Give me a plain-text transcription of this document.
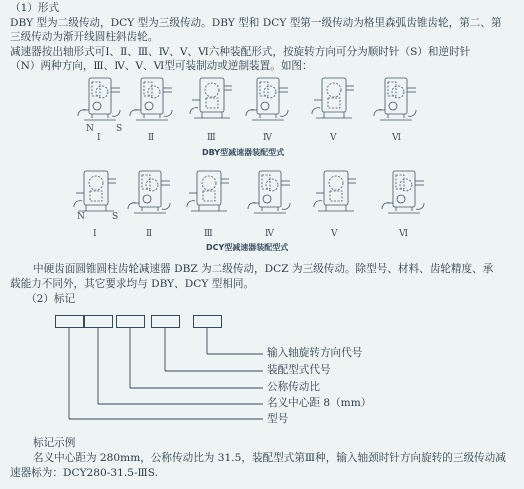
（1）形式
DBY 型为二级传动，DCY 型为三级传动。DBY 型和 DCY 型第一级传动为格里森弧齿锥齿轮，第二、第
三级传动为渐开线圆柱斜齿轮。
减速器按出轴形式可Ⅰ、Ⅱ、Ⅲ、Ⅳ、Ⅴ、Ⅵ六种装配形式，按旋转方向可分为顺时针（S）和逆时针
（N）两种方向，Ⅲ、Ⅳ、Ⅴ、Ⅵ型可装制动或逆制装置。如图：
N S
Ⅰ	Ⅱ	Ⅲ	Ⅳ	Ⅴ	Ⅵ
DBY型减速器装配型式
N	S
Ⅰ	Ⅱ	Ⅲ	Ⅳ	Ⅴ	Ⅵ
DCY型减速器装配型式
中硬齿面圆锥圆柱齿轮减速器 DBZ 为二级传动，DCZ 为三级传动。除型号、材料、齿轮精度、承
载能力不同外，其它要求均与 DBY、DCY 型相同。
（2）标记
输入轴旋转方向代号
装配型式代号
公称传动比
名义中心距 8（mm）
型号
标记示例
名义中心距为 280mm，公称传动比为 31.5，装配型式第Ⅲ种，输入轴颈时针方向旋转的三级传动减
速器标为：DCY280-31.5-ⅢS.
